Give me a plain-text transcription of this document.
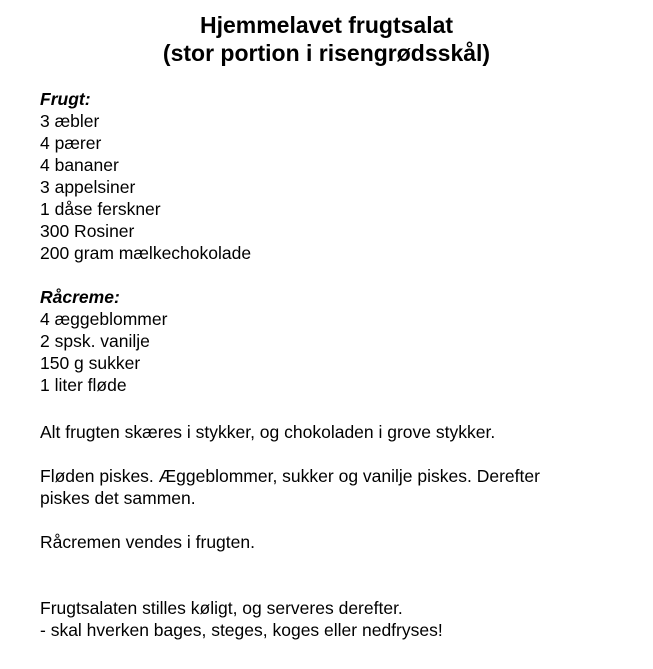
Hjemmelavet frugtsalat
(stor portion i risengrødsskål)
Frugt:
3 æbler
4 pærer
4 bananer
3 appelsiner
1 dåse ferskner
300 Rosiner
200 gram mælkechokolade
Råcreme:
4 æggeblommer
2 spsk. vanilje
150 g sukker
1 liter fløde
Alt frugten skæres i stykker, og chokoladen i grove stykker.
Fløden piskes. Æggeblommer, sukker og vanilje piskes. Derefter
piskes det sammen.
Råcremen vendes i frugten.
Frugtsalaten stilles køligt, og serveres derefter.
- skal hverken bages, steges, koges eller nedfryses!
